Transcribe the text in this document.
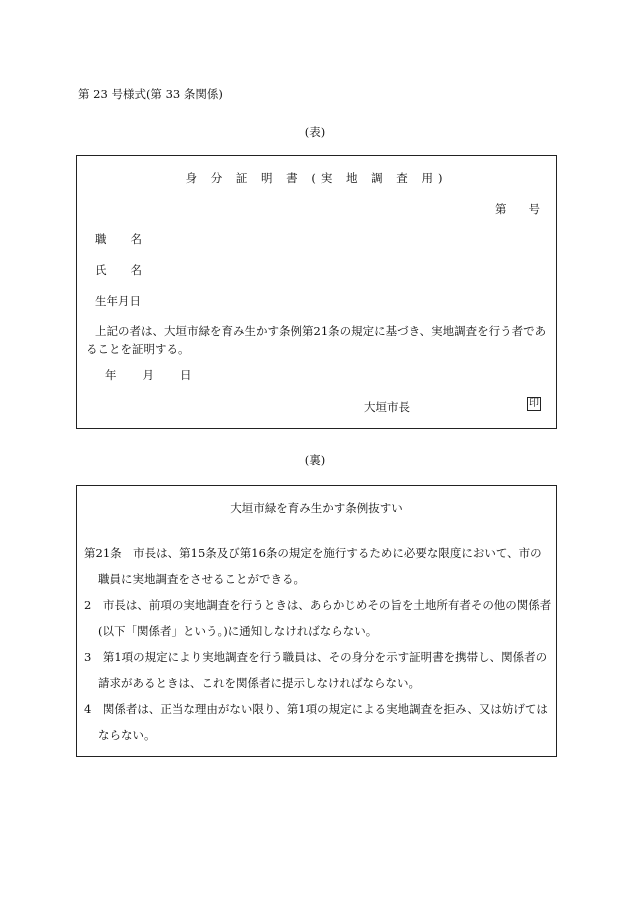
第 23 号様式(第 33 条関係)
(表)
身 分 証 明 書 (実 地 調 査 用)
第 号
職 名
氏 名
生年月日
上記の者は、大垣市緑を育み生かす条例第21条の規定に基づき、実地調査を行う者であることを証明する。
年 月 日
大垣市長	印
(裏)
大垣市緑を育み生かす条例抜すい

第21条　市長は、第15条及び第16条の規定を施行するために必要な限度において、市の職員に実地調査をさせることができる。

2　市長は、前項の実地調査を行うときは、あらかじめその旨を土地所有者その他の関係者(以下「関係者」という。)に通知しなければならない。

3　第1項の規定により実地調査を行う職員は、その身分を示す証明書を携帯し、関係者の請求があるときは、これを関係者に提示しなければならない。

4　関係者は、正当な理由がない限り、第1項の規定による実地調査を拒み、又は妨げてはならない。
